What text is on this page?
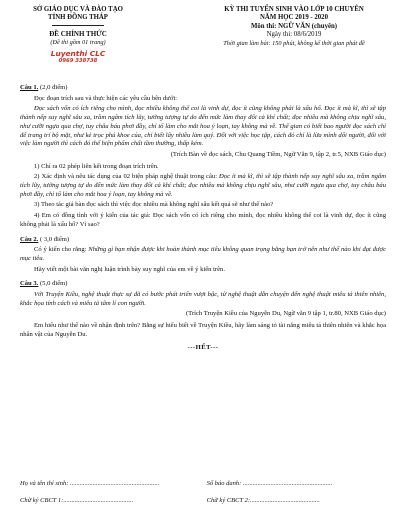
SỞ GIÁO DỤC VÀ ĐÀO TẠO
TỈNH ĐỒNG THÁP
ĐỀ CHÍNH THỨC
(Đề thi gồm 01 trang)
Luyenthi CLC
0969 338738
KỲ THI TUYỂN SINH VÀO LỚP 10 CHUYÊN
NĂM HỌC 2019 - 2020
Môn thi: NGỮ VĂN (chuyên)
Ngày thi: 08/6/2019
Thời gian làm bài: 150 phút, không kể thời gian phát đề
Câu 1. (2,0 điểm)

Đọc đoạn trích sau và thực hiện các yêu cầu bên dưới:

Đọc sách vốn có ích riêng cho mình, đọc nhiều không thể coi là vinh dự, đọc ít cũng không phải là xấu hổ. Đọc ít mà kĩ, thì sẽ tập thành nếp suy nghĩ sâu xa, trầm ngâm tích lũy, tưởng tượng tự do đến mức làm thay đổi cả khí chất; đọc nhiều mà không chịu nghĩ sâu, như cưỡi ngựa qua chợ, tuy châu báu phơi đầy, chỉ tổ làm cho mắt hoa ý loạn, tay không mà về. Thế gian có biết bao người đọc sách chỉ để trang trí bộ mặt, như kẻ trọc phú khoe của, chỉ biết lấy nhiều làm quý. Đối với việc học tập, cách đó chỉ là lừa mình dối người, đối với việc làm người thì cách đó thể hiện phẩm chất tầm thường, thấp kém.

(Trích Bàn về đọc sách, Chu Quang Tiềm, Ngữ Văn 9, tập 2, tr.5, NXB Giáo dục)

1) Chỉ ra 02 phép liên kết trong đoạn trích trên.

2) Xác định và nêu tác dụng của 02 biện pháp nghệ thuật trong câu: Đọc ít mà kĩ, thì sẽ tập thành nếp suy nghĩ sâu xa, trầm ngâm tích lũy, tưởng tượng tự do đến mức làm thay đổi cả khí chất; đọc nhiều mà không chịu nghĩ sâu, như cưỡi ngựa qua chợ, tuy châu báu phơi đầy, chỉ tổ làm cho mắt hoa ý loạn, tay không mà về.

3) Theo tác giả bàn đọc sách thì việc đọc nhiều mà không nghĩ sâu kết quả sẽ như thế nào?

4) Em có đồng tình với ý kiến của tác giả: Đọc sách vốn có ích riêng cho mình, đọc nhiều không thể coi là vinh dự, đọc ít cũng không phải là xấu hổ? Vì sao?

Câu 2. ( 3,0 điểm)

Có ý kiến cho rằng: Những gì bạn nhận được khi hoàn thành mục tiêu không quan trọng bằng bạn trở nên như thế nào khi đạt được mục tiêu.

Hãy viết một bài văn nghị luận trình bày suy nghĩ của em về ý kiến trên.

Câu 3. (5,0 điểm)

Với Truyện Kiều, nghệ thuật thực sự đã có bước phát triển vượt bậc, từ nghệ thuật dẫn chuyện đến nghệ thuật miêu tả thiên nhiên, khắc họa tính cách và miêu tả tâm lí con người.

(Trích Truyện Kiều của Nguyễn Du, Ngữ văn 9 tập 1, tr.80, NXB Giáo dục)

Em hiểu như thế nào về nhận định trên? Bằng sự hiểu biết về Truyện Kiều, hãy làm sáng tỏ tài năng miêu tả thiên nhiên và khắc họa nhân vật của Nguyễn Du.

---HẾT---
Họ và tên thí sinh: .......................................................	Số báo danh: .......................................................
Chữ ký CBCT 1:...........................................	Chữ ký CBCT 2:...........................................
